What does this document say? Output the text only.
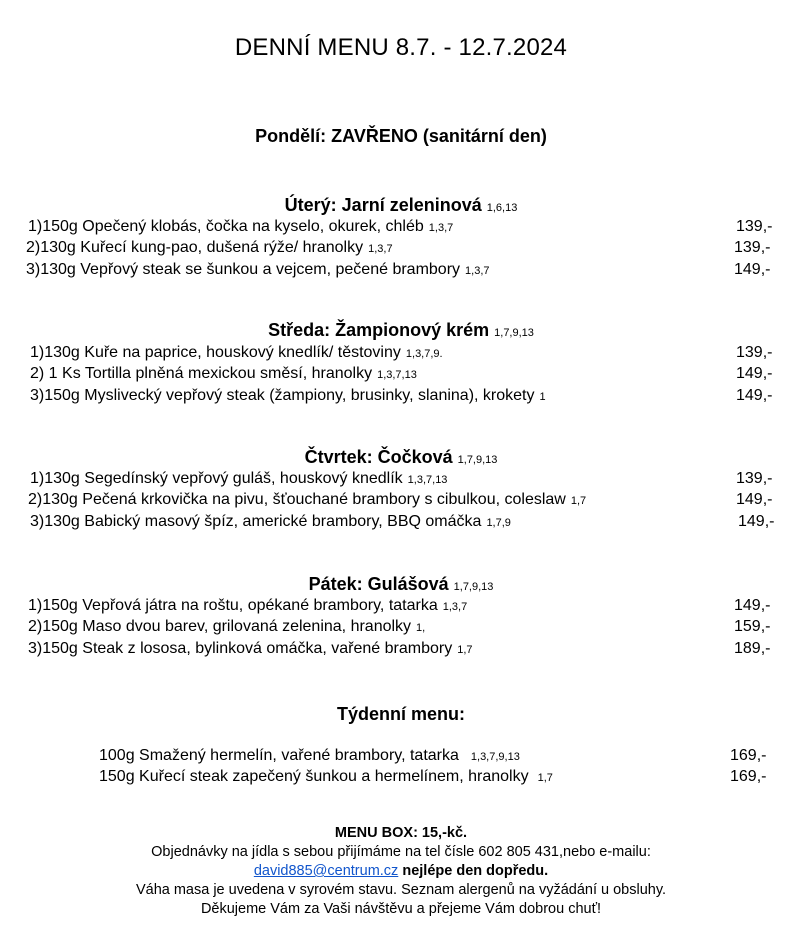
DENNÍ MENU 8.7. - 12.7.2024
Pondělí: ZAVŘENO (sanitární den)
Úterý: Jarní zeleninová 1,6,13
1)150g Opečený klobás, čočka na kyselo, okurek, chléb 1,3,7	139,-
2)130g Kuřecí kung-pao, dušená rýže/ hranolky 1,3,7	139,-
3)130g Vepřový steak se šunkou a vejcem, pečené brambory 1,3,7	149,-
Středa: Žampionový krém 1,7,9,13
1)130g Kuře na paprice, houskový knedlík/ těstoviny 1,3,7,9.	139,-
2) 1 Ks Tortilla plněná mexickou směsí, hranolky 1,3,7,13	149,-
3)150g Myslivecký vepřový steak (žampiony, brusinky, slanina), krokety 1	149,-
Čtvrtek: Čočková 1,7,9,13
1)130g Segedínský vepřový guláš, houskový knedlík 1,3,7,13	139,-
2)130g Pečená krkovička na pivu, šťouchané brambory s cibulkou, coleslaw 1,7	149,-
3)130g Babický masový špíz, americké brambory, BBQ omáčka 1,7,9	149,-
Pátek: Gulášová 1,7,9,13
1)150g Vepřová játra na roštu, opékané brambory, tatarka 1,3,7	149,-
2)150g Maso dvou barev, grilovaná zelenina, hranolky 1,	159,-
3)150g Steak z lososa, bylinková omáčka, vařené brambory 1,7	189,-
Týdenní menu:
100g Smažený hermelín, vařené brambory, tatarka 1,3,7,9,13	169,-
150g Kuřecí steak zapečený šunkou a hermelínem, hranolky 1,7	169,-
MENU BOX: 15,-kč.
Objednávky na jídla s sebou přijímáme na tel čísle 602 805 431,nebo e-mailu:
david885@centrum.cz nejlépe den dopředu.
Váha masa je uvedena v syrovém stavu. Seznam alergenů na vyžádání u obsluhy.
Děkujeme Vám za Vaši návštěvu a přejeme Vám dobrou chuť!
